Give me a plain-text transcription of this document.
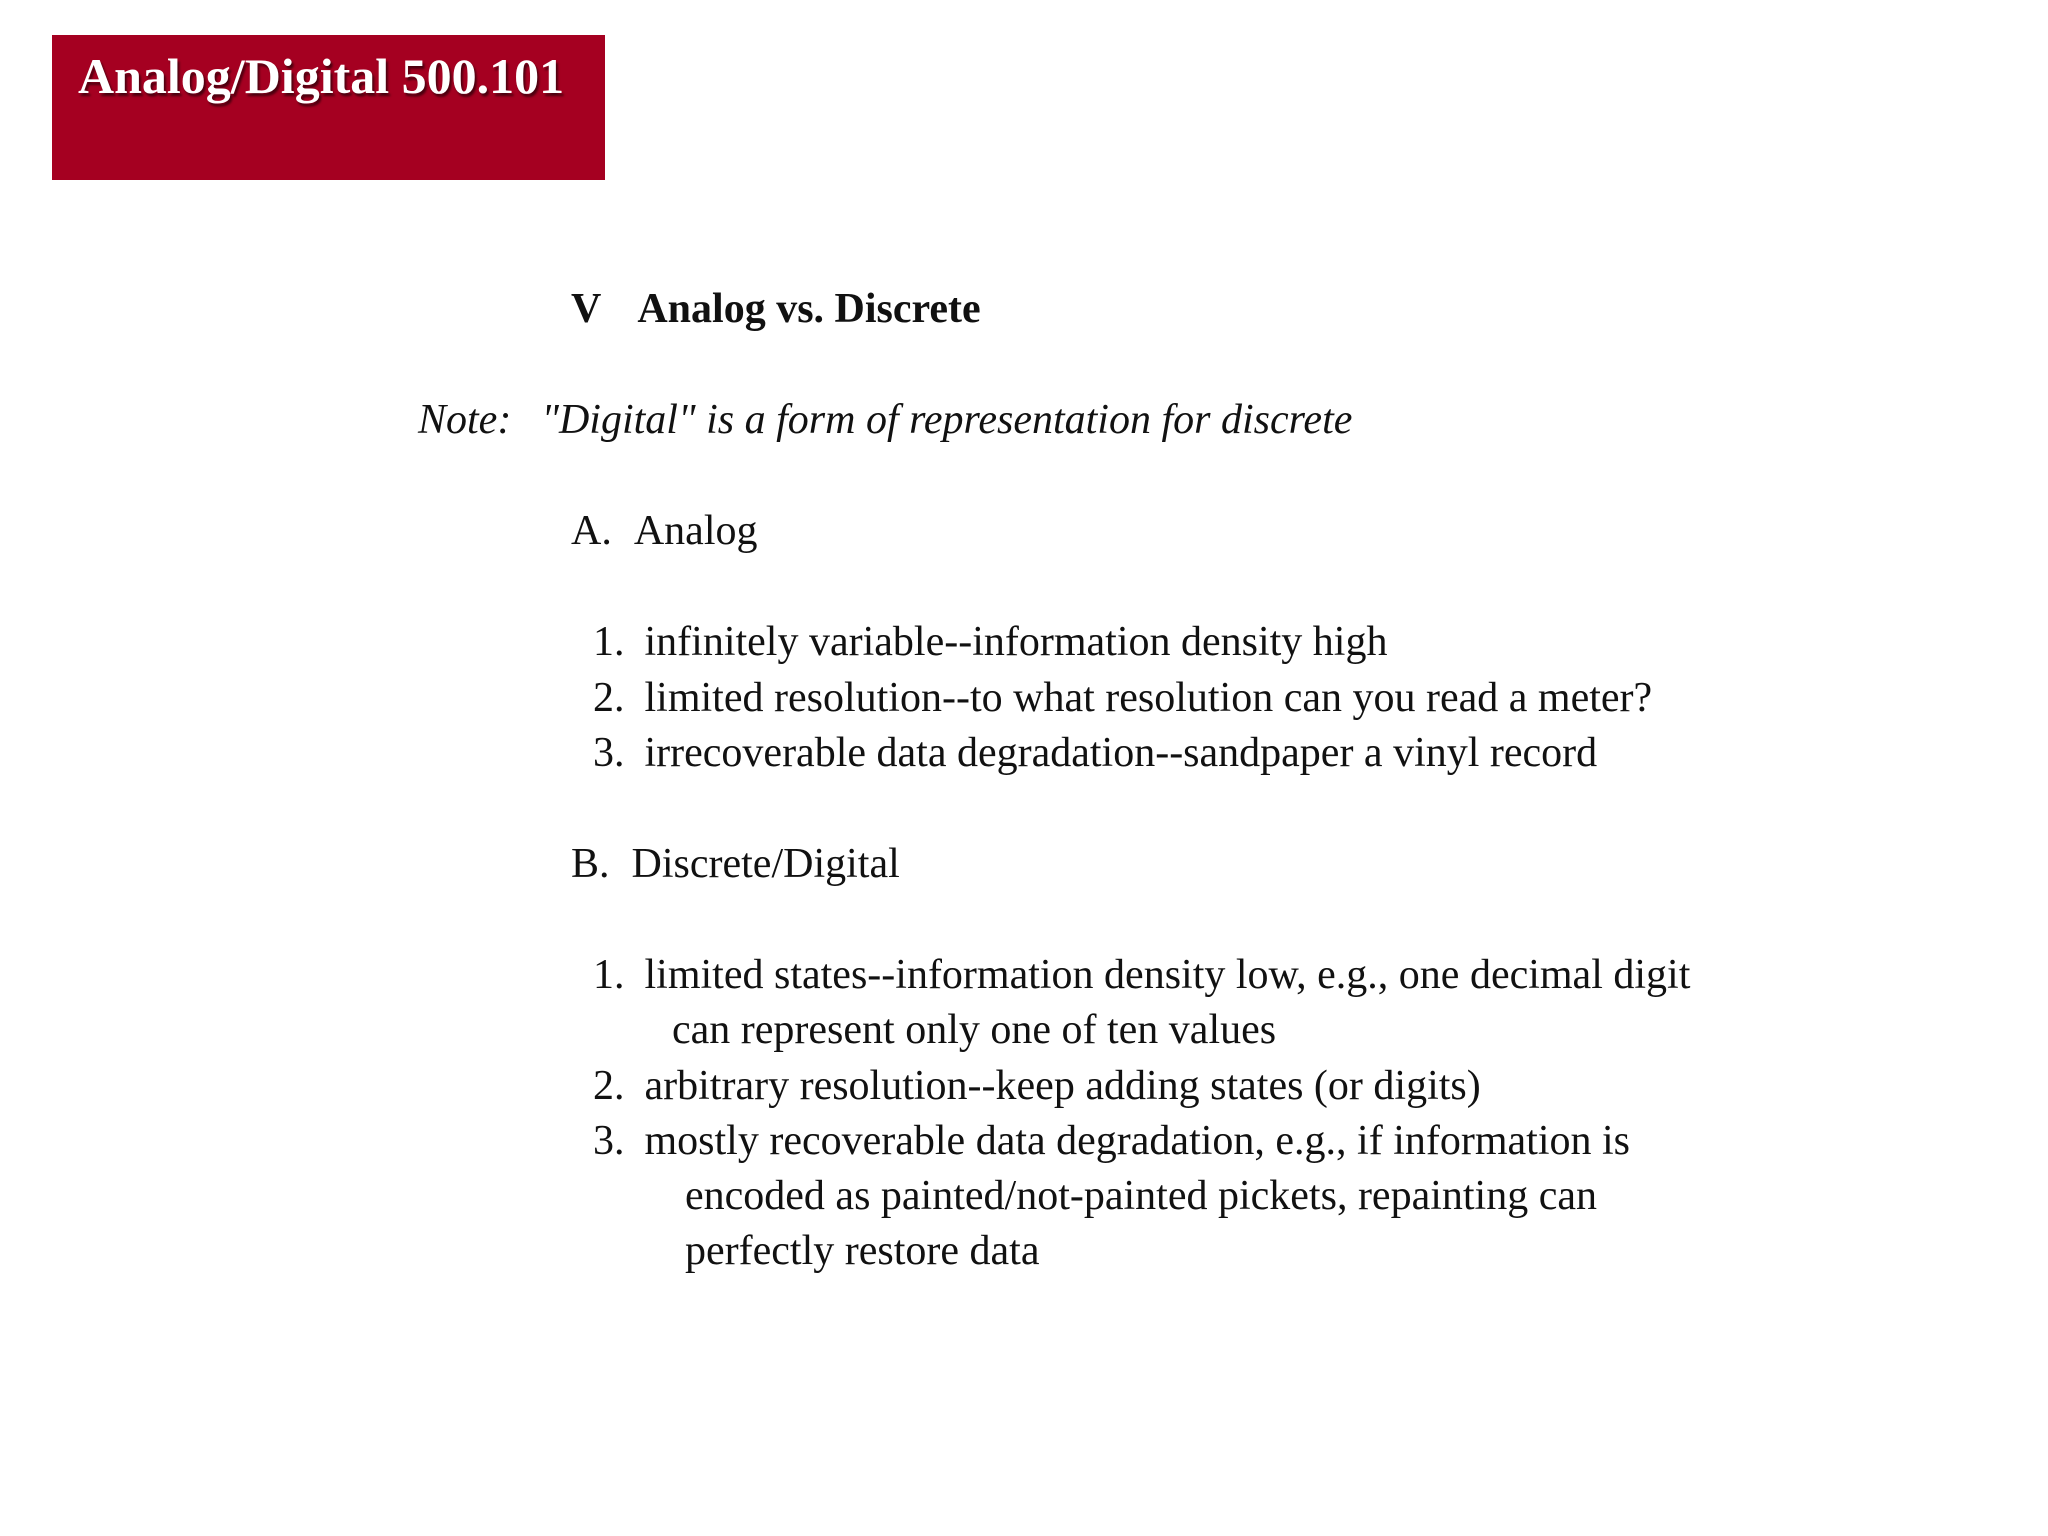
Analog/Digital 500.101
V Analog vs. Discrete
Note: "Digital" is a form of representation for discrete
A. Analog
1. infinitely variable--information density high
2. limited resolution--to what resolution can you read a meter?
3. irrecoverable data degradation--sandpaper a vinyl record
B. Discrete/Digital
1. limited states--information density low, e.g., one decimal digit
can represent only one of ten values
2. arbitrary resolution--keep adding states (or digits)
3. mostly recoverable data degradation, e.g., if information is
encoded as painted/not-painted pickets, repainting can
perfectly restore data
